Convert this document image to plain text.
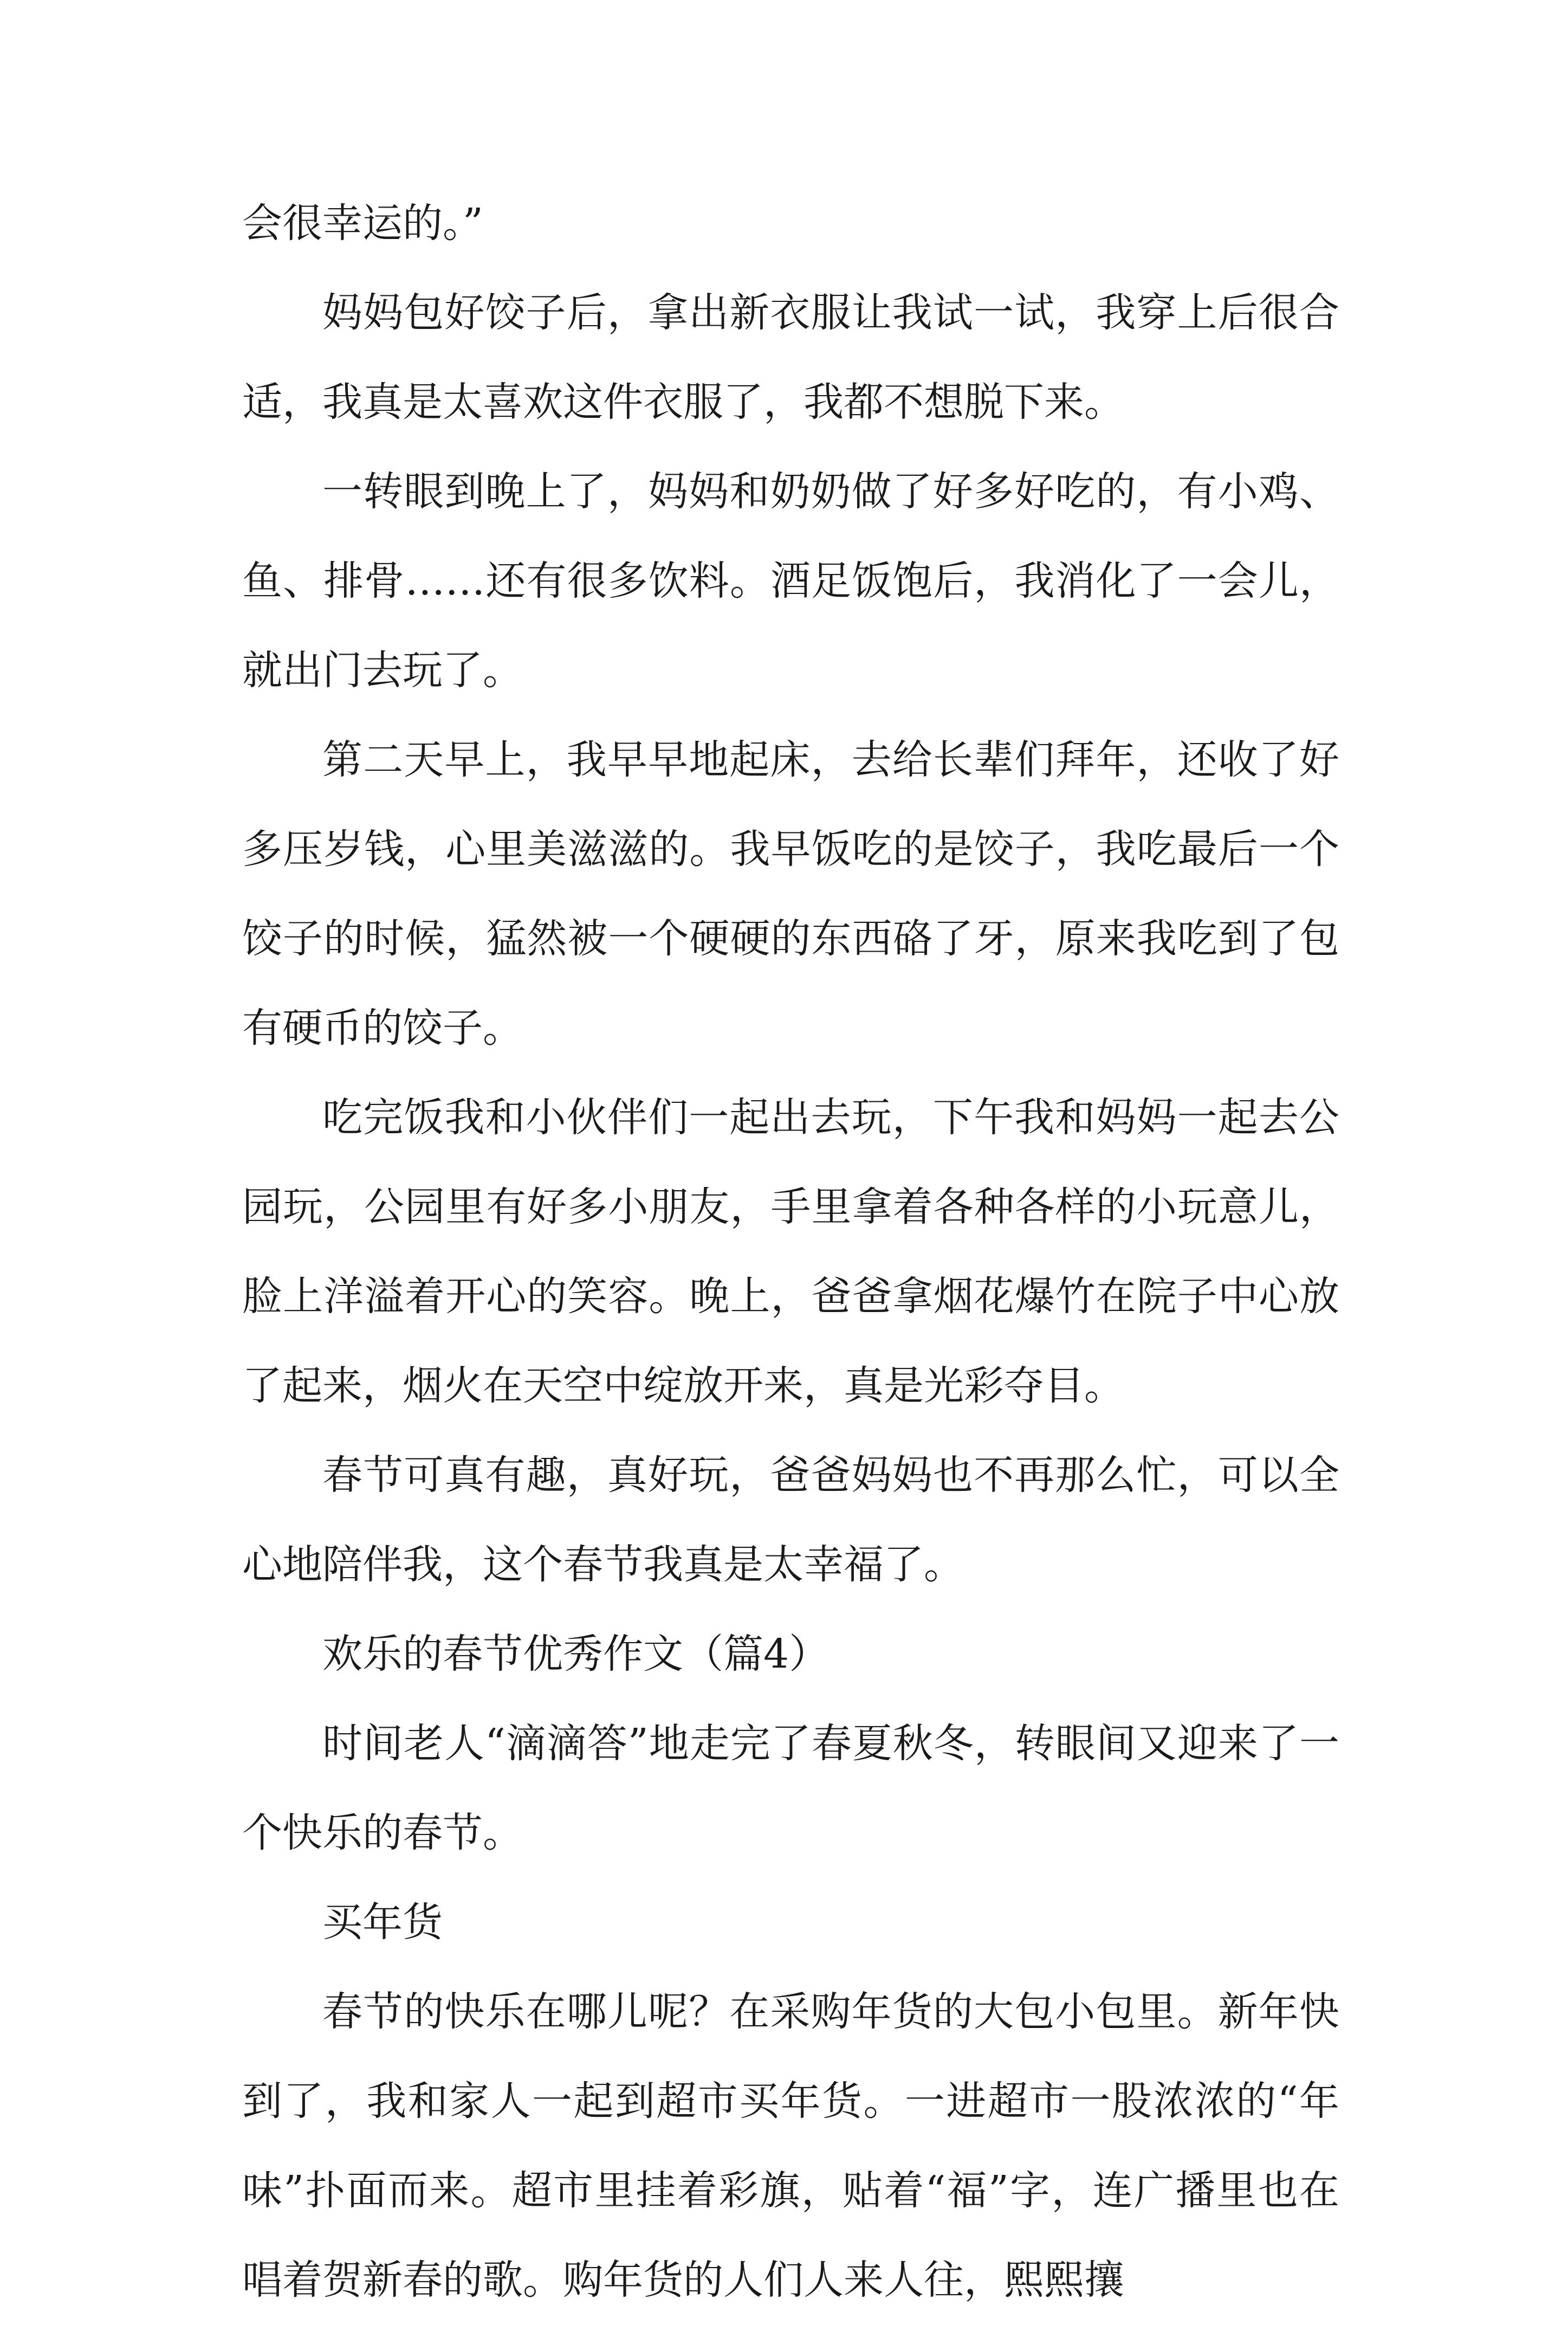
会很幸运的。”

妈妈包好饺子后，拿出新衣服让我试一试，我穿上后很合适，我真是太喜欢这件衣服了，我都不想脱下来。

一转眼到晚上了，妈妈和奶奶做了好多好吃的，有小鸡、鱼、排骨……还有很多饮料。酒足饭饱后，我消化了一会儿，就出门去玩了。

第二天早上，我早早地起床，去给长辈们拜年，还收了好多压岁钱，心里美滋滋的。我早饭吃的是饺子，我吃最后一个饺子的时候，猛然被一个硬硬的东西硌了牙，原来我吃到了包有硬币的饺子。

吃完饭我和小伙伴们一起出去玩，下午我和妈妈一起去公园玩，公园里有好多小朋友，手里拿着各种各样的小玩意儿，脸上洋溢着开心的笑容。晚上，爸爸拿烟花爆竹在院子中心放了起来，烟火在天空中绽放开来，真是光彩夺目。

春节可真有趣，真好玩，爸爸妈妈也不再那么忙，可以全心地陪伴我，这个春节我真是太幸福了。

欢乐的春节优秀作文（篇4）

时间老人“滴滴答”地走完了春夏秋冬，转眼间又迎来了一个快乐的春节。

买年货

春节的快乐在哪儿呢？在采购年货的大包小包里。新年快到了，我和家人一起到超市买年货。一进超市一股浓浓的“年味”扑面而来。超市里挂着彩旗，贴着“福”字，连广播里也在唱着贺新春的歌。购年货的人们人来人往，熙熙攘
